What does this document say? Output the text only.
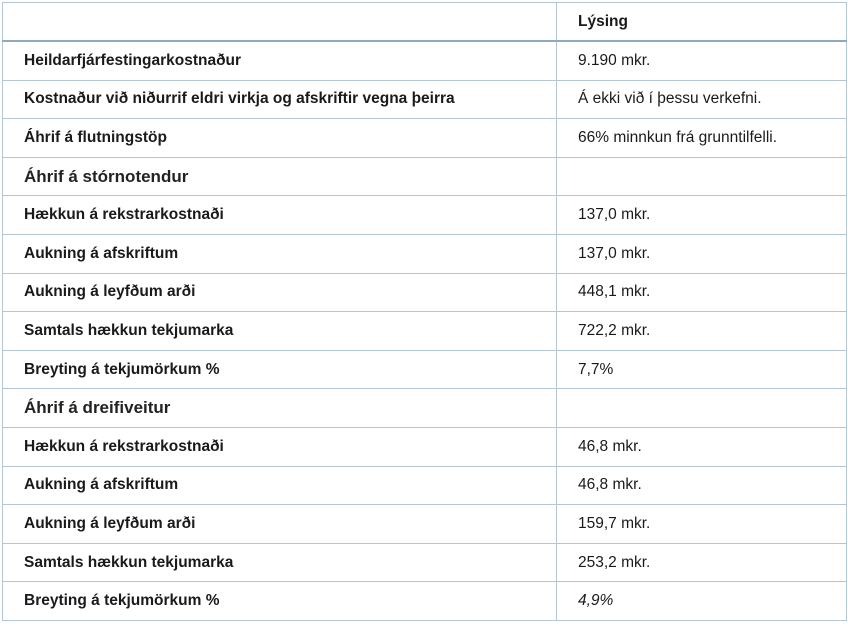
	Lýsing
Heildarfjárfestingarkostnaður	9.190 mkr.
Kostnaður við niðurrif eldri virkja og afskriftir vegna þeirra	Á ekki við í þessu verkefni.
Áhrif á flutningstöp	66% minnkun frá grunntilfelli.
Áhrif á stórnotendur	
Hækkun á rekstrarkostnaði	137,0 mkr.
Aukning á afskriftum	137,0 mkr.
Aukning á leyfðum arði	448,1 mkr.
Samtals hækkun tekjumarka	722,2 mkr.
Breyting á tekjumörkum %	7,7%
Áhrif á dreifiveitur	
Hækkun á rekstrarkostnaði	46,8 mkr.
Aukning á afskriftum	46,8 mkr.
Aukning á leyfðum arði	159,7 mkr.
Samtals hækkun tekjumarka	253,2 mkr.
Breyting á tekjumörkum %	4,9%
